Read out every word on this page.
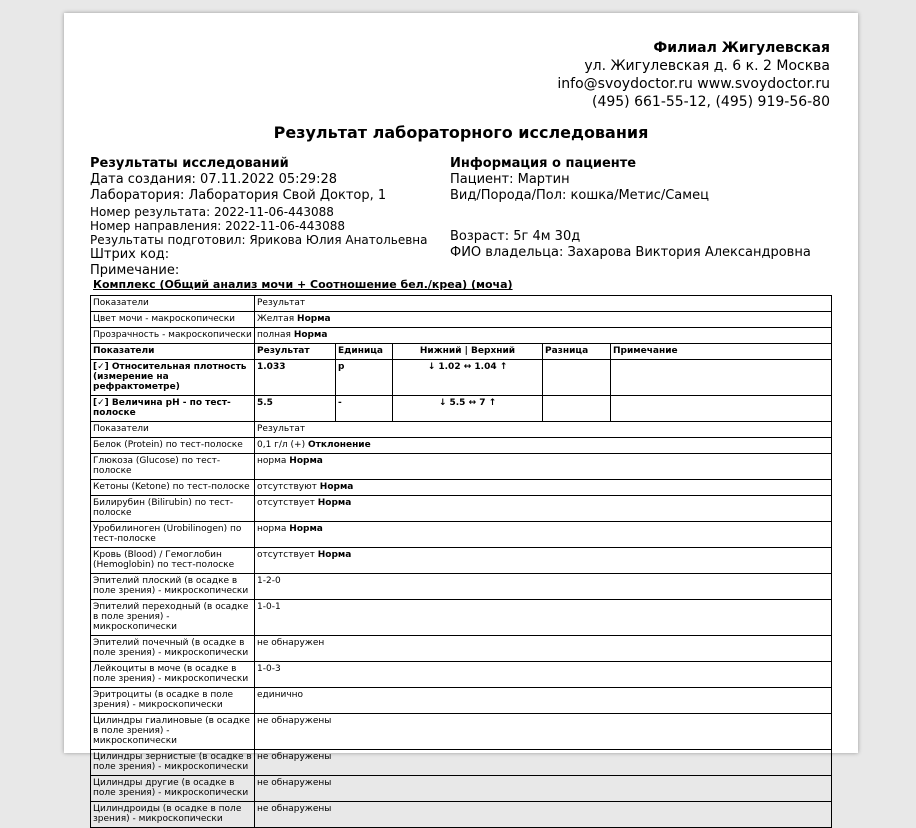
Филиал Жигулевская
ул. Жигулевская д. 6 к. 2 Москва
info@svoydoctor.ru www.svoydoctor.ru
(495) 661-55-12, (495) 919-56-80
Результат лабораторного исследования
Результаты исследований
Дата создания: 07.11.2022 05:29:28
Лаборатория: Лаборатория Свой Доктор, 1
Номер результата: 2022-11-06-443088
Номер направления: 2022-11-06-443088
Результаты подготовил: Ярикова Юлия Анатольевна
Штрих код:
Примечание:
Информация о пациенте
Пациент: Мартин
Вид/Порода/Пол: кошка/Метис/Самец
Возраст: 5г 4м 30д
ФИО владельца: Захарова Виктория Александровна
Комплекс (Общий анализ мочи + Соотношение бел./креа) (моча)
Показатели	Результат				
Цвет мочи - макроскопически	Желтая Норма				
Прозрачность - макроскопически	полная Норма				
Показатели	Результат	Единица	Нижний | Верхний	Разница	Примечание
[✓] Относительная плотность (измерение на рефрактометре)	1.033	р	↓ 1.02 ↔ 1.04 ↑		
[✓] Величина pH - по тест-полоске	5.5	-	↓ 5.5 ↔ 7 ↑		
Показатели	Результат				
Белок (Protein) по тест-полоске	0,1 г/л (+) Отклонение				
Глюкоза (Glucose) по тест-полоске	норма Норма				
Кетоны (Ketone) по тест-полоске	отсутствуют Норма				
Билирубин (Bilirubin) по тест-полоске	отсутствует Норма				
Уробилиноген (Urobilinogen) по тест-полоске	норма Норма				
Кровь (Blood) / Гемоглобин (Hemoglobin) по тест-полоске	отсутствует Норма				
Эпителий плоский (в осадке в поле зрения) - микроскопически	1-2-0				
Эпителий переходный (в осадке в поле зрения) - микроскопически	1-0-1				
Эпителий почечный (в осадке в поле зрения) - микроскопически	не обнаружен				
Лейкоциты в моче (в осадке в поле зрения) - микроскопически	1-0-3				
Эритроциты (в осадке в поле зрения) - микроскопически	единично				
Цилиндры гиалиновые (в осадке в поле зрения) - микроскопически	не обнаружены				
Цилиндры зернистые (в осадке в поле зрения) - микроскопически	не обнаружены				
Цилиндры другие (в осадке в поле зрения) - микроскопически	не обнаружены				
Цилиндроиды (в осадке в поле зрения) - микроскопически	не обнаружены				
